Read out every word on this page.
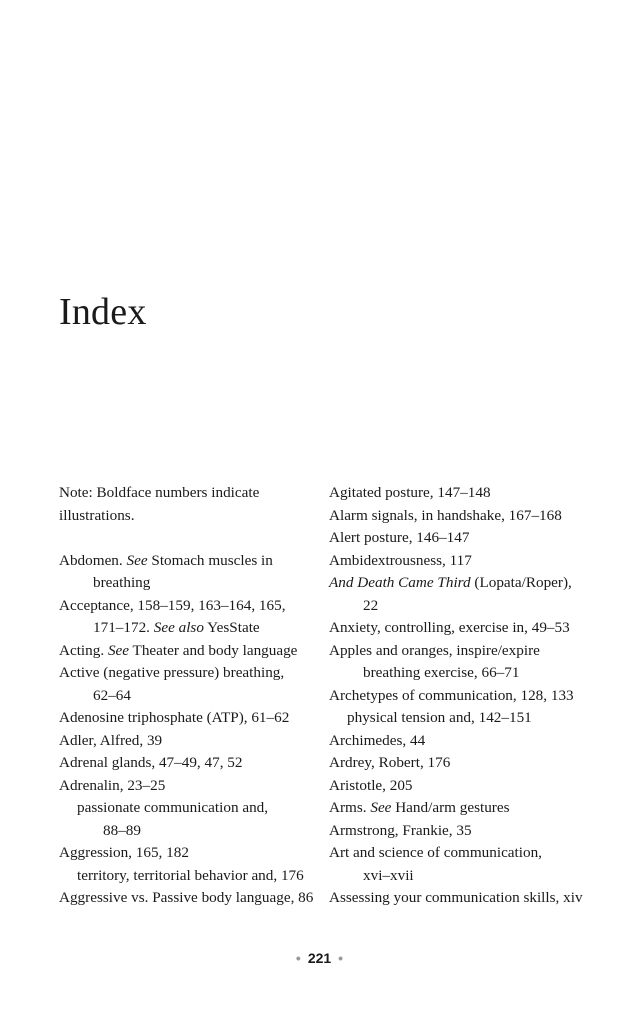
Index
Note: Boldface numbers indicate
illustrations.
Abdomen. See Stomach muscles in
breathing
Acceptance, 158–159, 163–164, 165,
171–172. See also YesState
Acting. See Theater and body language
Active (negative pressure) breathing,
62–64
Adenosine triphosphate (ATP), 61–62
Adler, Alfred, 39
Adrenal glands, 47–49, 47, 52
Adrenalin, 23–25
passionate communication and,
88–89
Aggression, 165, 182
territory, territorial behavior and, 176
Aggressive vs. Passive body language, 86
Agitated posture, 147–148
Alarm signals, in handshake, 167–168
Alert posture, 146–147
Ambidextrousness, 117
And Death Came Third (Lopata/Roper),
22
Anxiety, controlling, exercise in, 49–53
Apples and oranges, inspire/expire
breathing exercise, 66–71
Archetypes of communication, 128, 133
physical tension and, 142–151
Archimedes, 44
Ardrey, Robert, 176
Aristotle, 205
Arms. See Hand/arm gestures
Armstrong, Frankie, 35
Art and science of communication,
xvi–xvii
Assessing your communication skills, xiv
• 221 •
